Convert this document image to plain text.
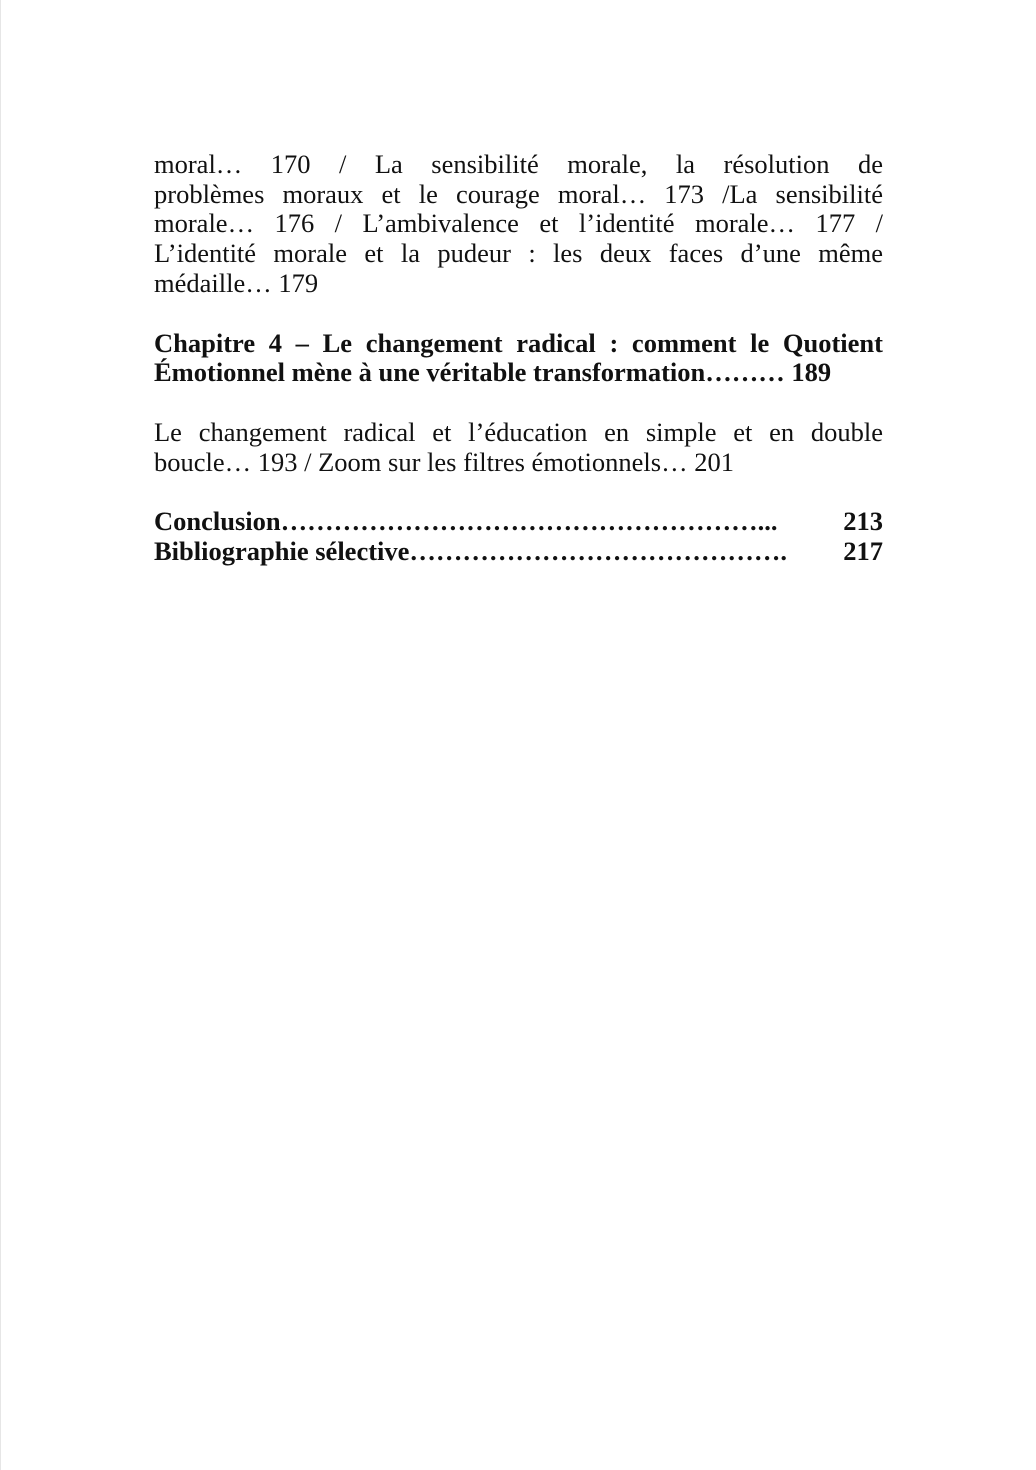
moral… 170 / La sensibilité morale, la résolution de
problèmes moraux et le courage moral… 173 /La sensibilité
morale… 176 / L’ambivalence et l’identité morale… 177 /
L’identité morale et la pudeur : les deux faces d’une même
médaille… 179
Chapitre 4 – Le changement radical : comment le Quotient
Émotionnel mène à une véritable transformation……… 189
Le changement radical et l’éducation en simple et en double
boucle… 193 / Zoom sur les filtres émotionnels… 201
Conclusion………………………………………………... 213
Bibliographie sélective……………………………………. 217
